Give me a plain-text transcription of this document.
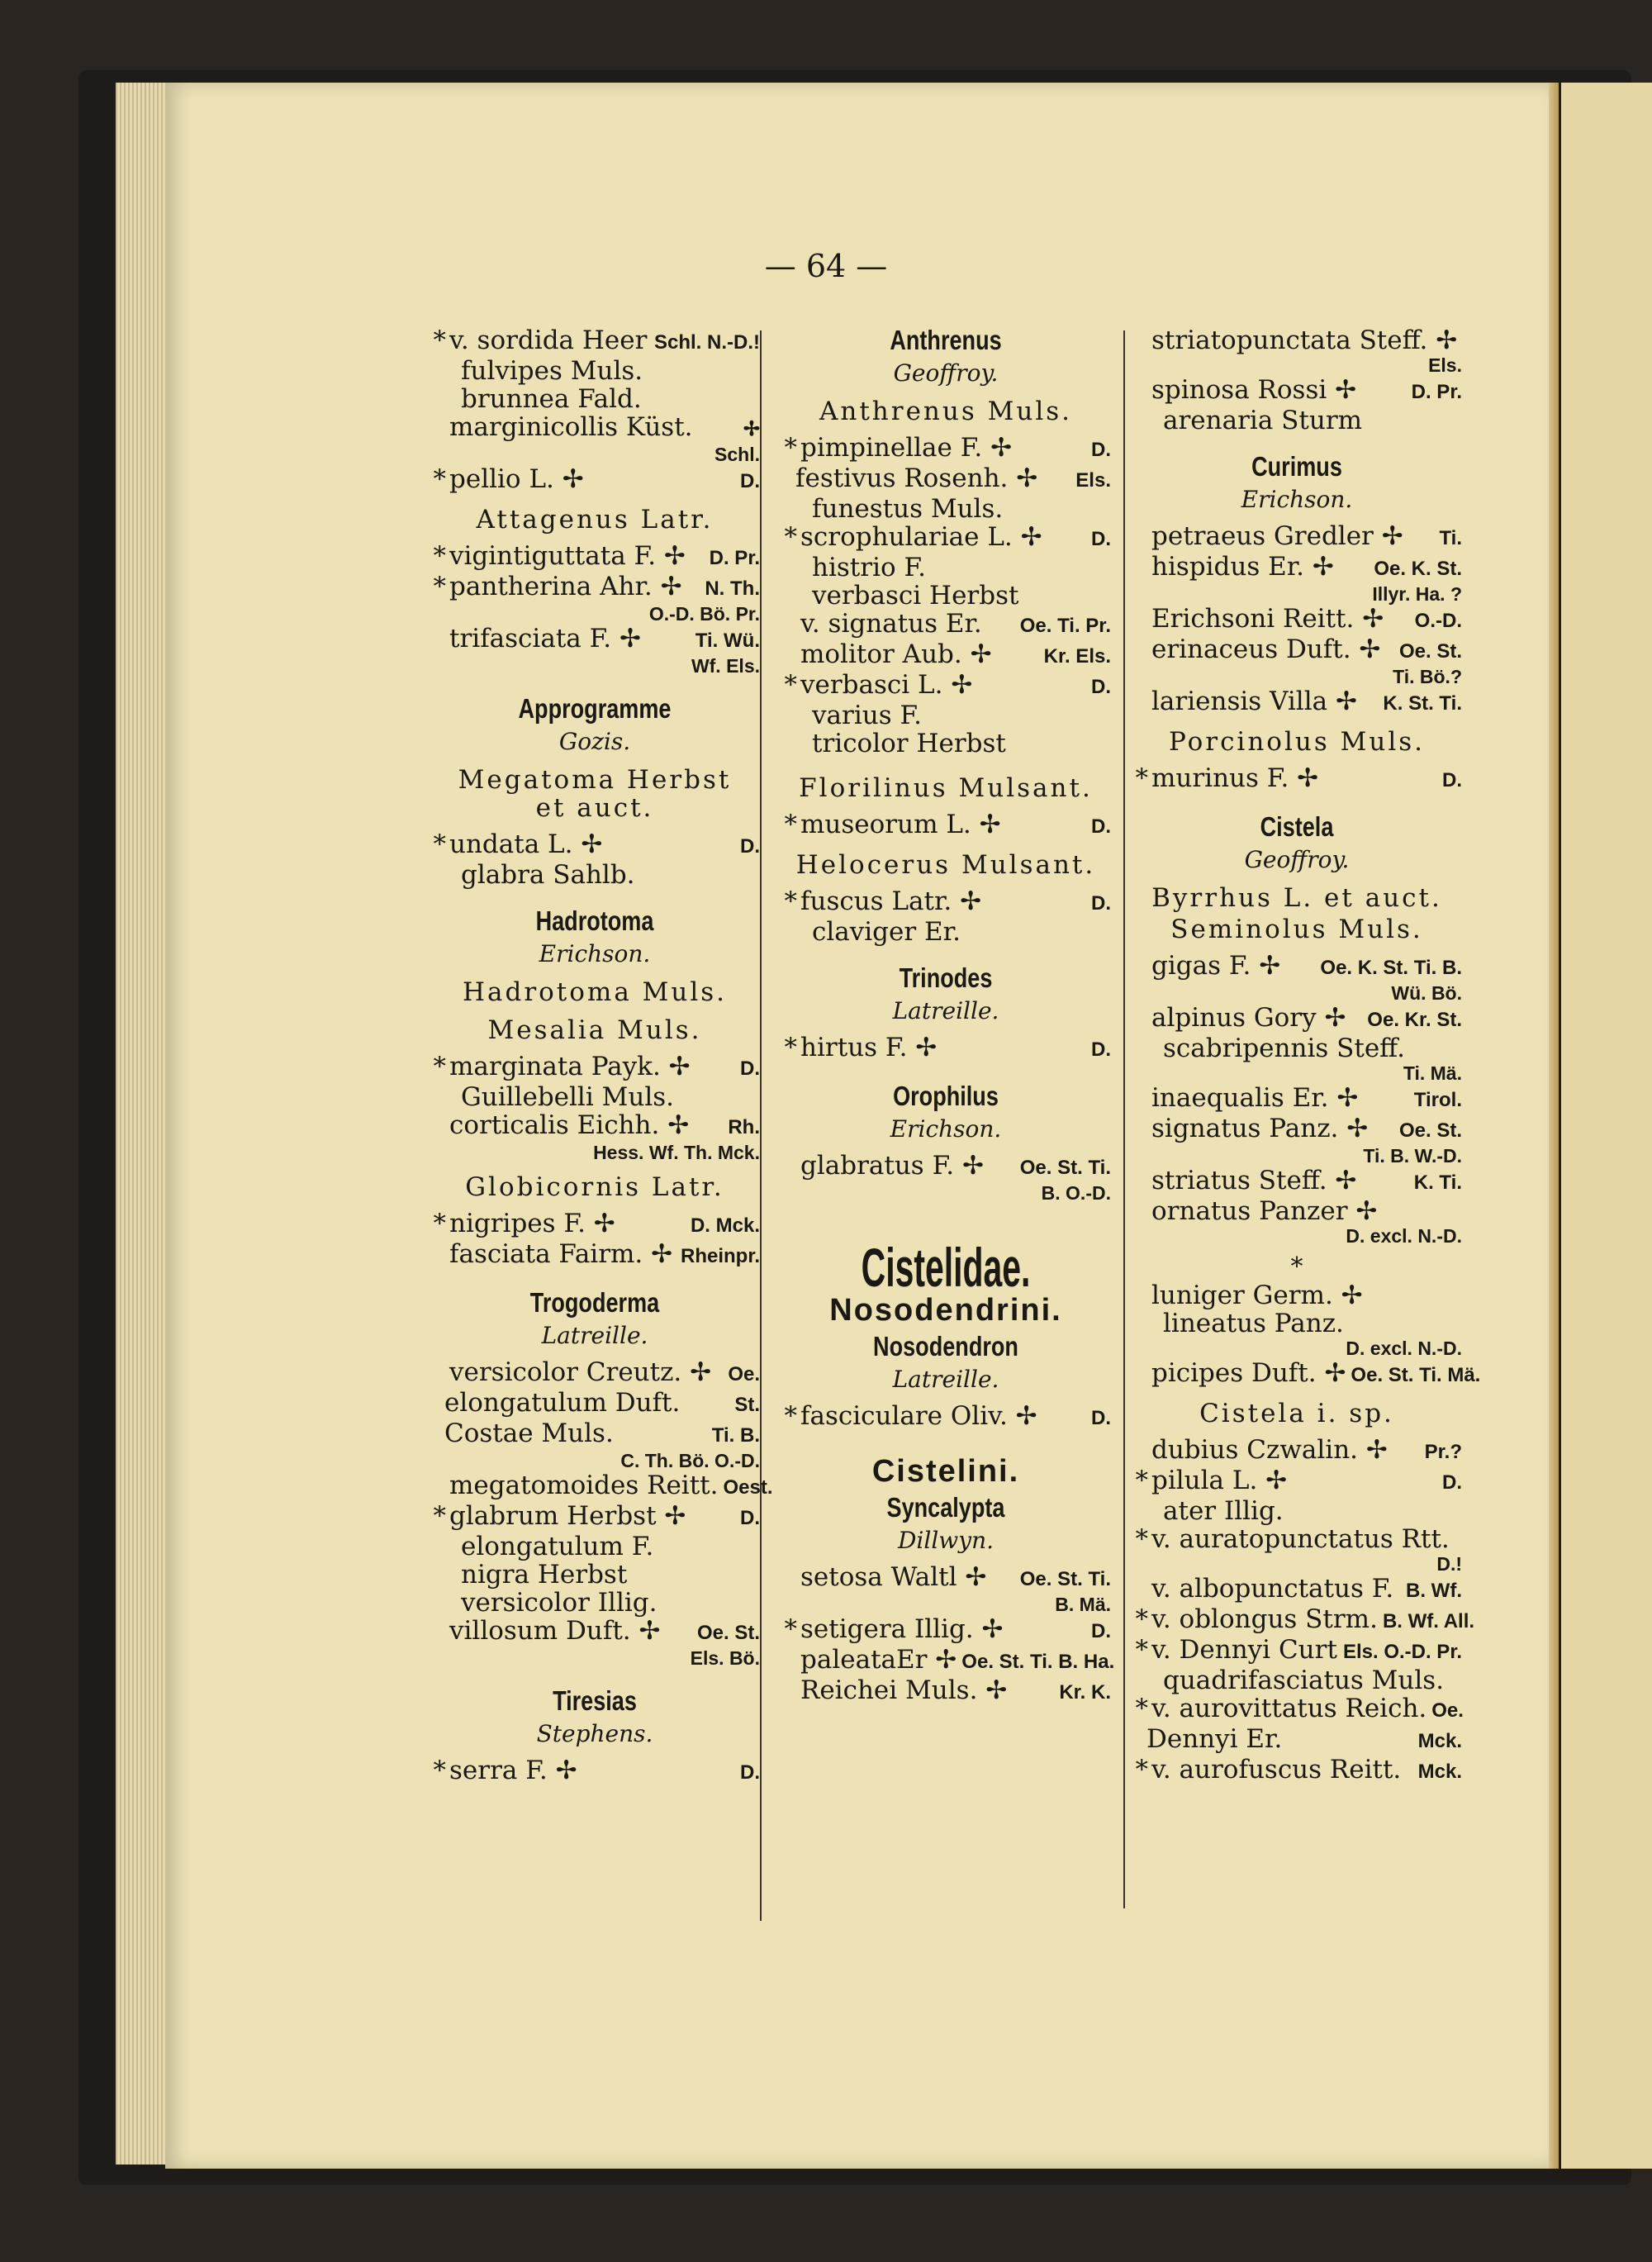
— 64 —
* v. sordida Heer Schl. N.-D.!
fulvipes Muls.
brunnea Fald.
marginicollis Küst.	✢
Schl.
* pellio L. ✢	D.
Attagenus Latr.
* vigintiguttata F. ✢	D. Pr.
* pantherina Ahr. ✢	N. Th.
O.-D. Bö. Pr.
trifasciata F. ✢	Ti. Wü.
Wf. Els.
Approgramme
Gozis.
Megatoma Herbst
et auct.
* undata L. ✢	D.
glabra Sahlb.
Hadrotoma
Erichson.
Hadrotoma Muls.
Mesalia Muls.
* marginata Payk. ✢	D.
Guillebelli Muls.
corticalis Eichh. ✢	Rh.
Hess. Wf. Th. Mck.
Globicornis Latr.
* nigripes F. ✢	D. Mck.
fasciata Fairm. ✢ Rheinpr.
Trogoderma
Latreille.
versicolor Creutz. ✢ Oe.
elongatulum Duft.	St.
Costae Muls.	Ti. B.
C. Th. Bö. O.-D.
megatomoides Reitt. Oest.
* glabrum Herbst ✢	D.
elongatulum F.
nigra Herbst
versicolor Illig.
villosum Duft. ✢	Oe. St.
Els. Bö.
Tiresias
Stephens.
* serra F. ✢	D.
Anthrenus
Geoffroy.
Anthrenus Muls.
* pimpinellae F. ✢	D.
festivus Rosenh. ✢	Els.
funestus Muls.
* scrophulariae L. ✢	D.
histrio F.
verbasci Herbst
v. signatus Er.	Oe. Ti. Pr.
molitor Aub. ✢	Kr. Els.
* verbasci L. ✢	D.
varius F.
tricolor Herbst
Florilinus Mulsant.
* museorum L. ✢	D.
Helocerus Mulsant.
* fuscus Latr. ✢	D.
claviger Er.
Trinodes
Latreille.
* hirtus F. ✢	D.
Orophilus
Erichson.
glabratus F. ✢	Oe. St. Ti.
B. O.-D.
Cistelidae.
Nosodendrini.
Nosodendron
Latreille.
* fasciculare Oliv. ✢	D.
Cistelini.
Syncalypta
Dillwyn.
setosa Waltl ✢	Oe. St. Ti.
B. Mä.
* setigera Illig. ✢	D.
paleataEr ✢ Oe. St. Ti. B. Ha.
Reichei Muls. ✢	Kr. K.
striatopunctata Steff. ✢
Els.
spinosa Rossi ✢	D. Pr.
arenaria Sturm
Curimus
Erichson.
petraeus Gredler ✢	Ti.
hispidus Er. ✢	Oe. K. St.
Illyr. Ha. ?
Erichsoni Reitt. ✢	O.-D.
erinaceus Duft. ✢ Oe. St.
Ti. Bö.?
lariensis Villa ✢	K. St. Ti.
Porcinolus Muls.
* murinus F. ✢	D.
Cistela
Geoffroy.
Byrrhus L. et auct.
Seminolus Muls.
gigas F. ✢	Oe. K. St. Ti. B.
Wü. Bö.
alpinus Gory ✢	Oe. Kr. St.
scabripennis Steff.
Ti. Mä.
inaequalis Er. ✢	Tirol.
signatus Panz. ✢	Oe. St.
Ti. B. W.-D.
striatus Steff. ✢	K. Ti.
ornatus Panzer ✢
D. excl. N.-D.
*
luniger Germ. ✢
lineatus Panz.
D. excl. N.-D.
picipes Duft. ✢ Oe. St. Ti. Mä.
Cistela i. sp.
dubius Czwalin. ✢	Pr.?
* pilula L. ✢	D.
ater Illig.
* v. auratopunctatus Rtt.
D.!
v. albopunctatus F. B. Wf.
* v. oblongus Strm. B. Wf. All.
* v. Dennyi Curt Els. O.-D. Pr.
quadrifasciatus Muls.
* v. aurovittatus Reich. Oe.
Dennyi Er.	Mck.
* v. aurofuscus Reitt. Mck.
